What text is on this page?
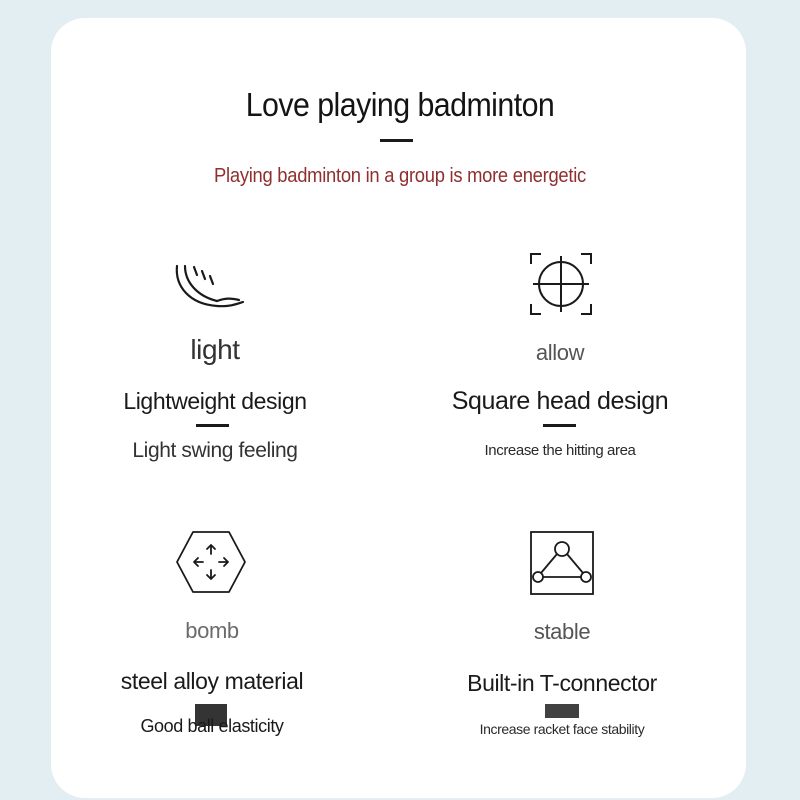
Love playing badminton
Playing badminton in a group is more energetic
light
Lightweight design
Light swing feeling
allow
Square head design
Increase the hitting area
bomb
steel alloy material
Good ball elasticity
stable
Built-in T-connector
Increase racket face stability
